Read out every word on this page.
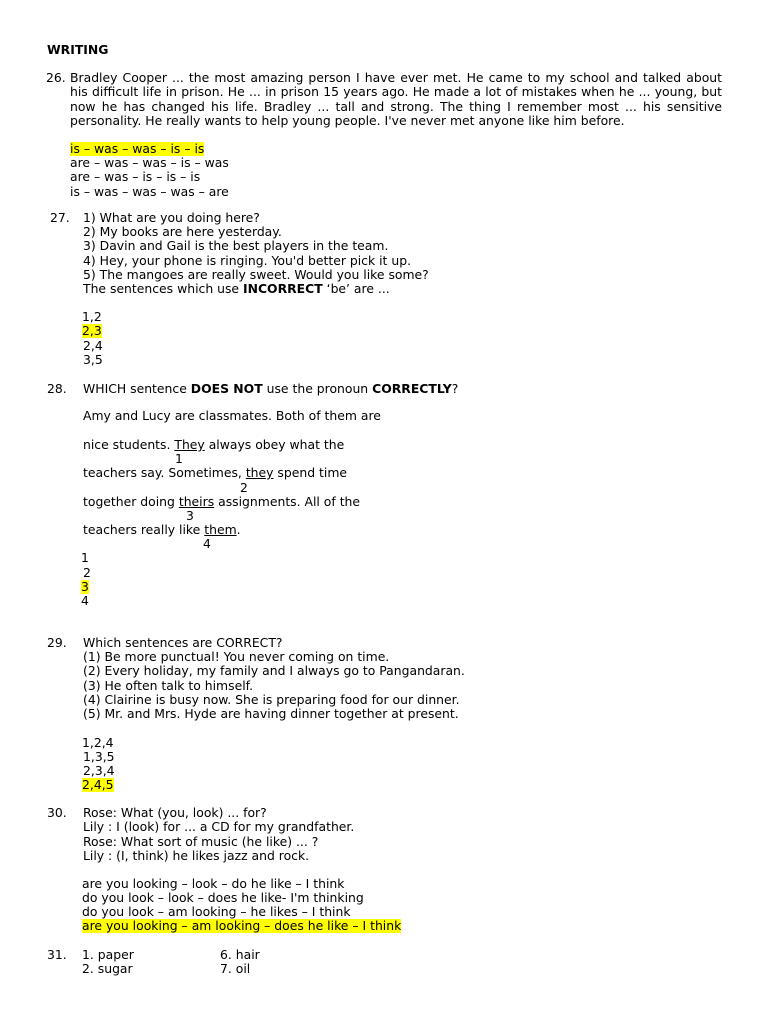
WRITING
26. Bradley Cooper ... the most amazing person I have ever met. He came to my school and talked about his difficult life in prison. He ... in prison 15 years ago. He made a lot of mistakes when he ... young, but now he has changed his life. Bradley ... tall and strong. The thing I remember most ... his sensitive personality. He really wants to help young people. I've never met anyone like him before.
is – was – was – is – is
are – was – was – is – was
are – was – is – is – is
is – was – was – was – are
27. 1) What are you doing here?
2) My books are here yesterday.
3) Davin and Gail is the best players in the team.
4) Hey, your phone is ringing. You'd better pick it up.
5) The mangoes are really sweet. Would you like some?
The sentences which use INCORRECT ‘be’ are ...
1,2
2,3
2,4
3,5
28. WHICH sentence DOES NOT use the pronoun CORRECTLY?
Amy and Lucy are classmates. Both of them are
nice students. They always obey what the
1
teachers say. Sometimes, they spend time
2
together doing theirs assignments. All of the
3
teachers really like them.
4
1
2
3
4
29. Which sentences are CORRECT?
(1) Be more punctual! You never coming on time.
(2) Every holiday, my family and I always go to Pangandaran.
(3) He often talk to himself.
(4) Clairine is busy now. She is preparing food for our dinner.
(5) Mr. and Mrs. Hyde are having dinner together at present.
1,2,4
1,3,5
2,3,4
2,4,5
30. Rose: What (you, look) ... for?
Lily : I (look) for ... a CD for my grandfather.
Rose: What sort of music (he like) ... ?
Lily : (I, think) he likes jazz and rock.
are you looking – look – do he like – I think
do you look – look – does he like- I'm thinking
do you look – am looking – he likes – I think
are you looking – am looking – does he like – I think
31. 1. paper
2. sugar
6. hair
7. oil
